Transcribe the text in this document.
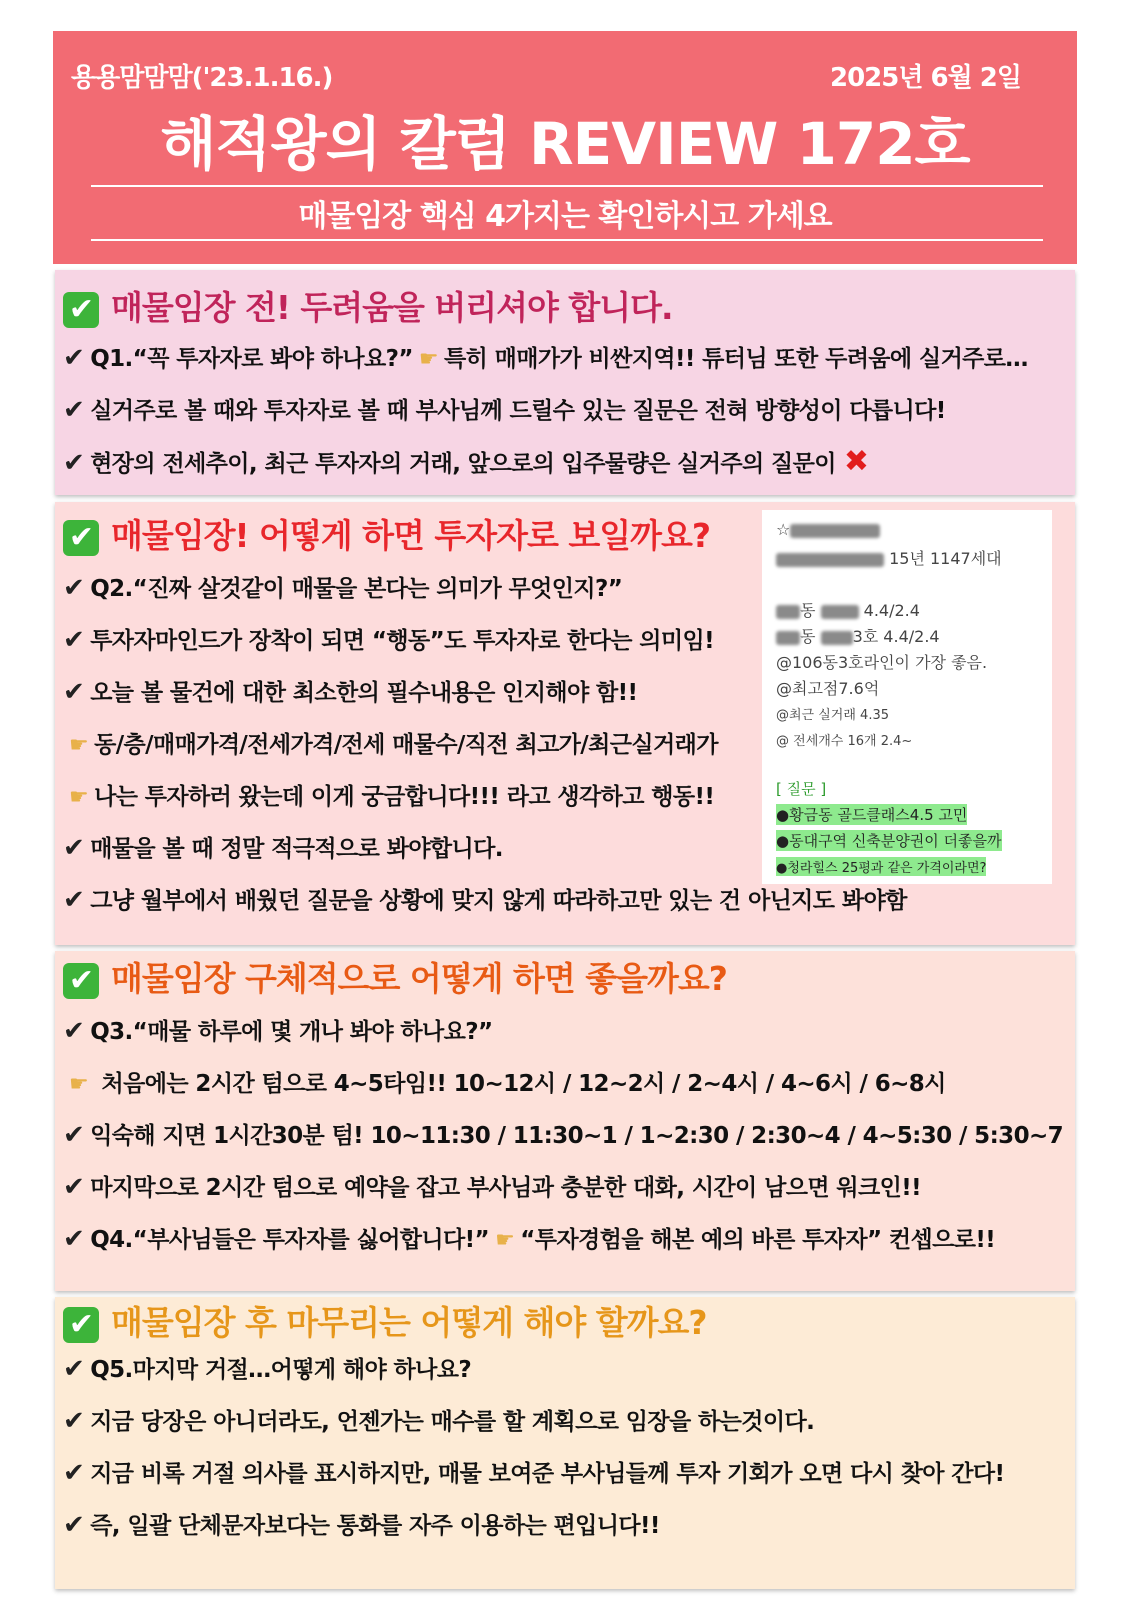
용용맘맘맘('23.1.16.)	2025년 6월 2일
해적왕의 칼럼 REVIEW 172호
매물임장 핵심 4가지는 확인하시고 가세요
✔ 매물임장 전! 두려움을 버리셔야 합니다.
✔ Q1.“꼭 투자자로 봐야 하나요?” ☛ 특히 매매가가 비싼지역!! 튜터님 또한 두려움에 실거주로…
✔ 실거주로 볼 때와 투자자로 볼 때 부사님께 드릴수 있는 질문은 전혀 방향성이 다릅니다!
✔ 현장의 전세추이, 최근 투자자의 거래, 앞으로의 입주물량은 실거주의 질문이 ✖
✔ 매물임장! 어떻게 하면 투자자로 보일까요?
✔ Q2.“진짜 살것같이 매물을 본다는 의미가 무엇인지?”
✔ 투자자마인드가 장착이 되면 “행동”도 투자자로 한다는 의미임!
✔ 오늘 볼 물건에 대한 최소한의 필수내용은 인지해야 함!!
☛ 동/층/매매가격/전세가격/전세 매물수/직전 최고가/최근실거래가
☛ 나는 투자하러 왔는데 이게 궁금합니다!!! 라고 생각하고 행동!!
✔ 매물을 볼 때 정말 적극적으로 봐야합니다.
✔ 그냥 월부에서 배웠던 질문을 상황에 맞지 않게 따라하고만 있는 건 아닌지도 봐야함
☆
15년 1147세대
동	4.4/2.4
동 3호 4.4/2.4
@106동3호라인이 가장 좋음.
@최고점7.6억
@최근 실거래 4.35
@ 전세개수 16개 2.4~
[ 질문 ]
●황금동 골드클래스4.5 고민
●동대구역 신축분양권이 더좋을까
●청라힐스 25평과 같은 가격이라면?
✔ 매물임장 구체적으로 어떻게 하면 좋을까요?
✔ Q3.“매물 하루에 몇 개나 봐야 하나요?”
☛ 처음에는 2시간 텀으로 4~5타임!! 10~12시 / 12~2시 / 2~4시 / 4~6시 / 6~8시
✔ 익숙해 지면 1시간30분 텀! 10~11:30 / 11:30~1 / 1~2:30 / 2:30~4 / 4~5:30 / 5:30~7
✔ 마지막으로 2시간 텀으로 예약을 잡고 부사님과 충분한 대화, 시간이 남으면 워크인!!
✔ Q4.“부사님들은 투자자를 싫어합니다!” ☛ “투자경험을 해본 예의 바른 투자자” 컨셉으로!!
✔ 매물임장 후 마무리는 어떻게 해야 할까요?
✔ Q5.마지막 거절…어떻게 해야 하나요?
✔ 지금 당장은 아니더라도, 언젠가는 매수를 할 계획으로 임장을 하는것이다.
✔ 지금 비록 거절 의사를 표시하지만, 매물 보여준 부사님들께 투자 기회가 오면 다시 찾아 간다!
✔ 즉, 일괄 단체문자보다는 통화를 자주 이용하는 편입니다!!
